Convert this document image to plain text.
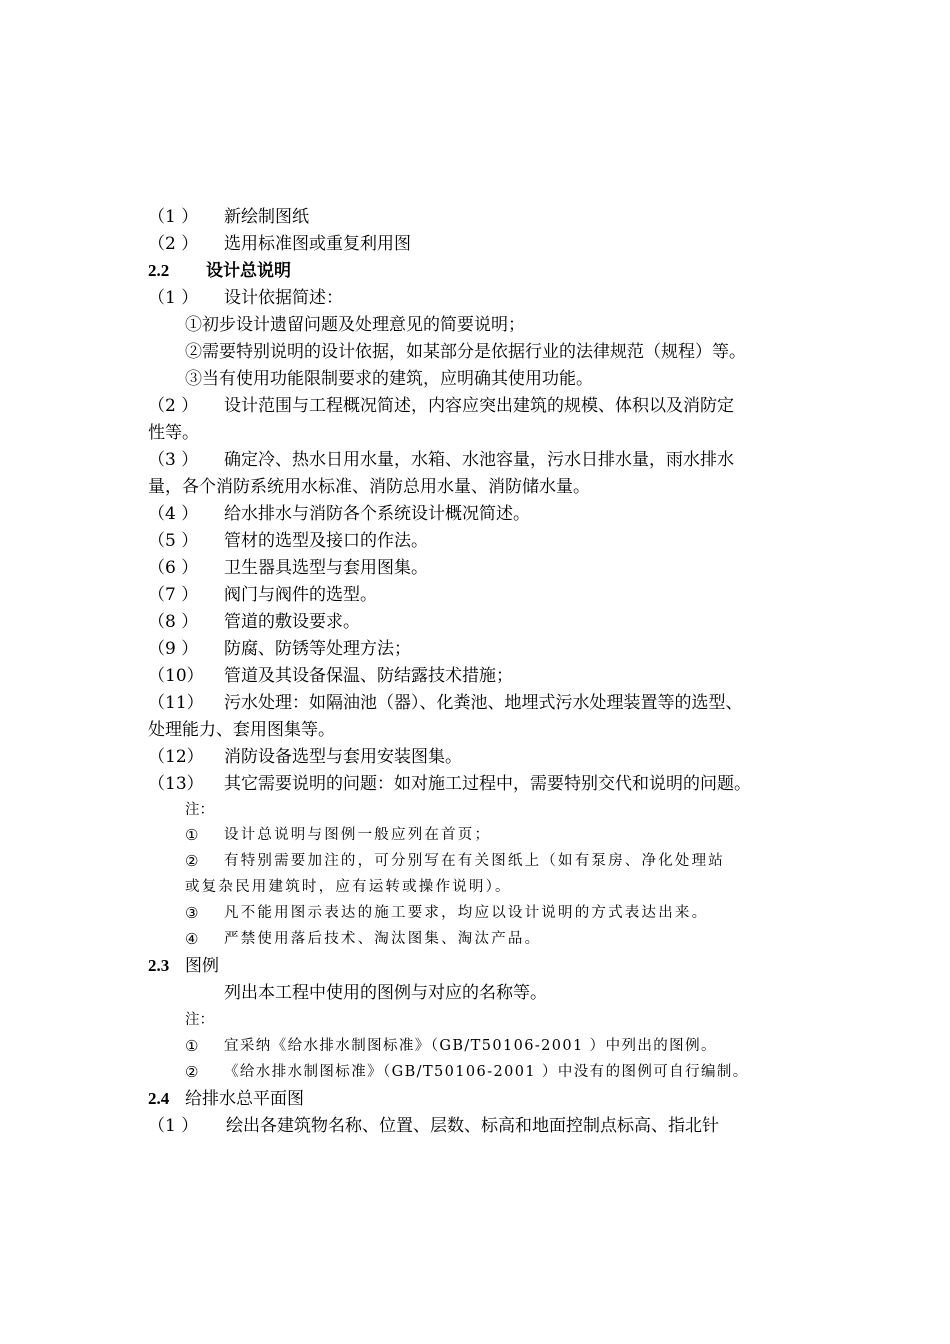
（1 ） 新绘制图纸
（2 ） 选用标准图或重复利用图
2.2 设计总说明
（1 ） 设计依据简述：
①初步设计遗留问题及处理意见的简要说明；
②需要特别说明的设计依据，如某部分是依据行业的法律规范（规程）等。
③当有使用功能限制要求的建筑，应明确其使用功能。
（2 ） 设计范围与工程概况简述，内容应突出建筑的规模、体积以及消防定
性等。
（3 ） 确定冷、热水日用水量，水箱、水池容量，污水日排水量，雨水排水
量，各个消防系统用水标准、消防总用水量、消防储水量。
（4 ） 给水排水与消防各个系统设计概况简述。
（5 ） 管材的选型及接口的作法。
（6 ） 卫生器具选型与套用图集。
（7 ） 阀门与阀件的选型。
（8 ） 管道的敷设要求。
（9 ） 防腐、防锈等处理方法；
（10） 管道及其设备保温、防结露技术措施；
（11） 污水处理：如隔油池（器）、化粪池、地埋式污水处理装置等的选型、
处理能力、套用图集等。
（12） 消防设备选型与套用安装图集。
（13） 其它需要说明的问题：如对施工过程中，需要特别交代和说明的问题。
注：
① 设计总说明与图例一般应列在首页；
② 有特别需要加注的，可分别写在有关图纸上（如有泵房、净化处理站
或复杂民用建筑时，应有运转或操作说明）。
③ 凡不能用图示表达的施工要求，均应以设计说明的方式表达出来。
④ 严禁使用落后技术、淘汰图集、淘汰产品。
2.3 图例
列出本工程中使用的图例与对应的名称等。
注：
① 宜采纳《给水排水制图标准》（GB/T50106-2001 ）中列出的图例。
② 《给水排水制图标准》（GB/T50106-2001 ）中没有的图例可自行编制。
2.4 给排水总平面图
（1 ） 绘出各建筑物名称、位置、层数、标高和地面控制点标高、指北针
